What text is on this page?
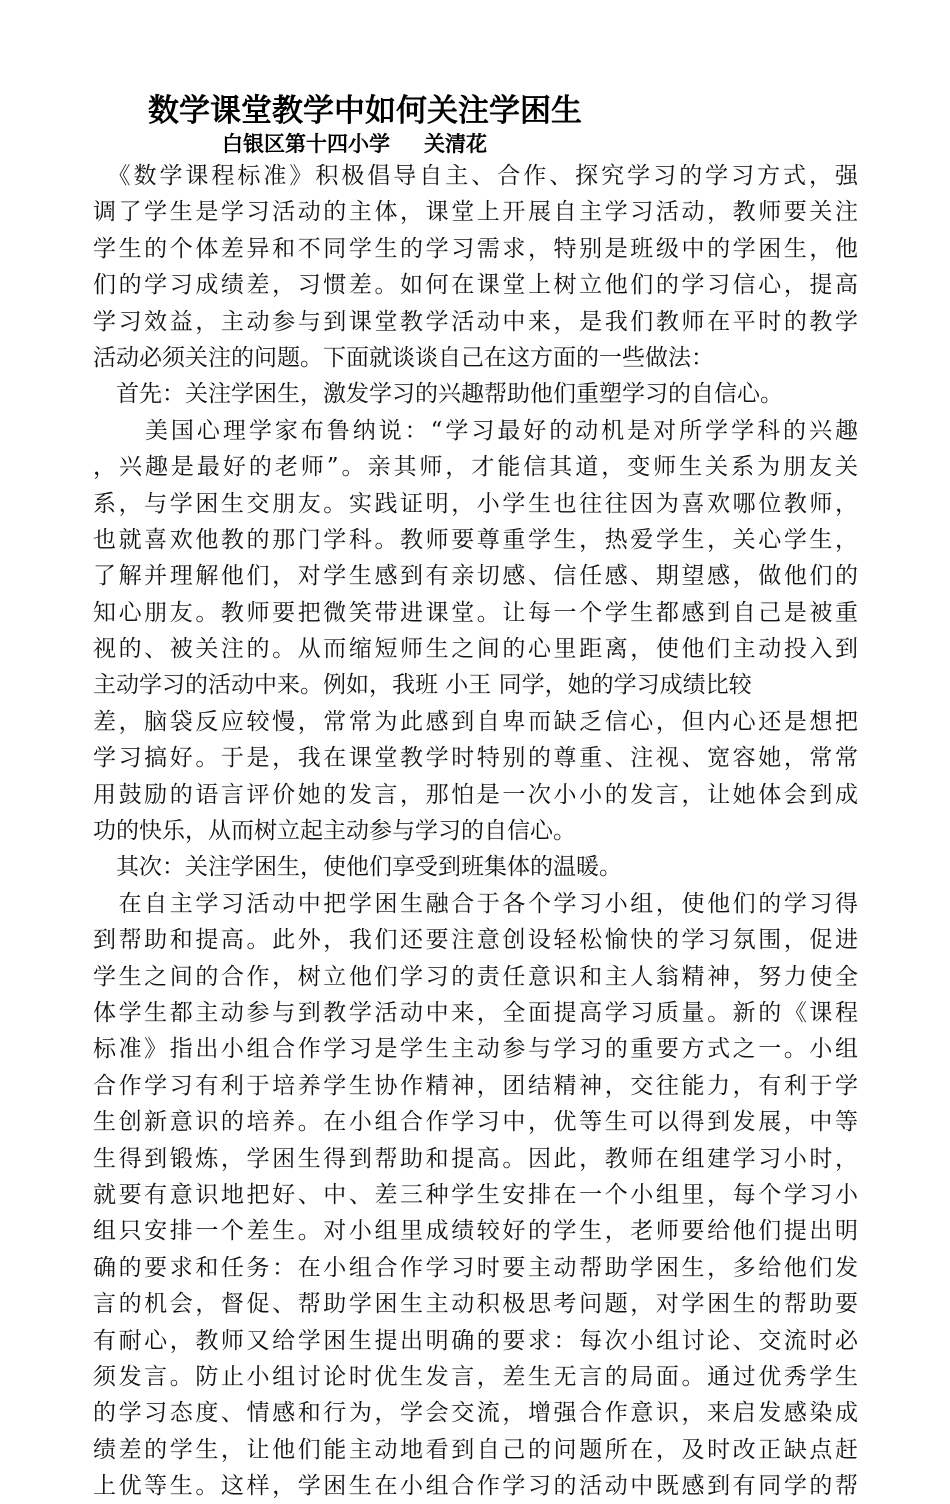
数学课堂教学中如何关注学困生
白银区第十四小学 关清花
　《数学课程标准》积极倡导自主、合作、探究学习的学习方式，强
调了学生是学习活动的主体，课堂上开展自主学习活动，教师要关注
学生的个体差异和不同学生的学习需求，特别是班级中的学困生，他
们的学习成绩差，习惯差。如何在课堂上树立他们的学习信心，提高
学习效益，主动参与到课堂教学活动中来，是我们教师在平时的教学
活动必须关注的问题。下面就谈谈自己在这方面的一些做法：
　首先：关注学困生，激发学习的兴趣帮助他们重塑学习的自信心。
　　美国心理学家布鲁纳说：“学习最好的动机是对所学学科的兴趣
，兴趣是最好的老师”。亲其师，才能信其道，变师生关系为朋友关
系，与学困生交朋友。实践证明，小学生也往往因为喜欢哪位教师，
也就喜欢他教的那门学科。教师要尊重学生，热爱学生，关心学生，
了解并理解他们，对学生感到有亲切感、信任感、期望感，做他们的
知心朋友。教师要把微笑带进课堂。让每一个学生都感到自己是被重
视的、被关注的。从而缩短师生之间的心里距离，使他们主动投入到
主动学习的活动中来。例如，我班 小王 同学，她的学习成绩比较
差，脑袋反应较慢，常常为此感到自卑而缺乏信心，但内心还是想把
学习搞好。于是，我在课堂教学时特别的尊重、注视、宽容她，常常
用鼓励的语言评价她的发言，那怕是一次小小的发言，让她体会到成
功的快乐，从而树立起主动参与学习的自信心。
　其次：关注学困生，使他们享受到班集体的温暖。
　在自主学习活动中把学困生融合于各个学习小组，使他们的学习得
到帮助和提高。此外，我们还要注意创设轻松愉快的学习氛围，促进
学生之间的合作，树立他们学习的责任意识和主人翁精神，努力使全
体学生都主动参与到教学活动中来，全面提高学习质量。新的《课程
标准》指出小组合作学习是学生主动参与学习的重要方式之一。小组
合作学习有利于培养学生协作精神，团结精神，交往能力，有利于学
生创新意识的培养。在小组合作学习中，优等生可以得到发展，中等
生得到锻炼，学困生得到帮助和提高。因此，教师在组建学习小时，
就要有意识地把好、中、差三种学生安排在一个小组里，每个学习小
组只安排一个差生。对小组里成绩较好的学生，老师要给他们提出明
确的要求和任务：在小组合作学习时要主动帮助学困生，多给他们发
言的机会，督促、帮助学困生主动积极思考问题，对学困生的帮助要
有耐心，教师又给学困生提出明确的要求：每次小组讨论、交流时必
须发言。防止小组讨论时优生发言，差生无言的局面。通过优秀学生
的学习态度、情感和行为，学会交流，增强合作意识，来启发感染成
绩差的学生，让他们能主动地看到自己的问题所在，及时改正缺点赶
上优等生。这样，学困生在小组合作学习的活动中既感到有同学的帮
